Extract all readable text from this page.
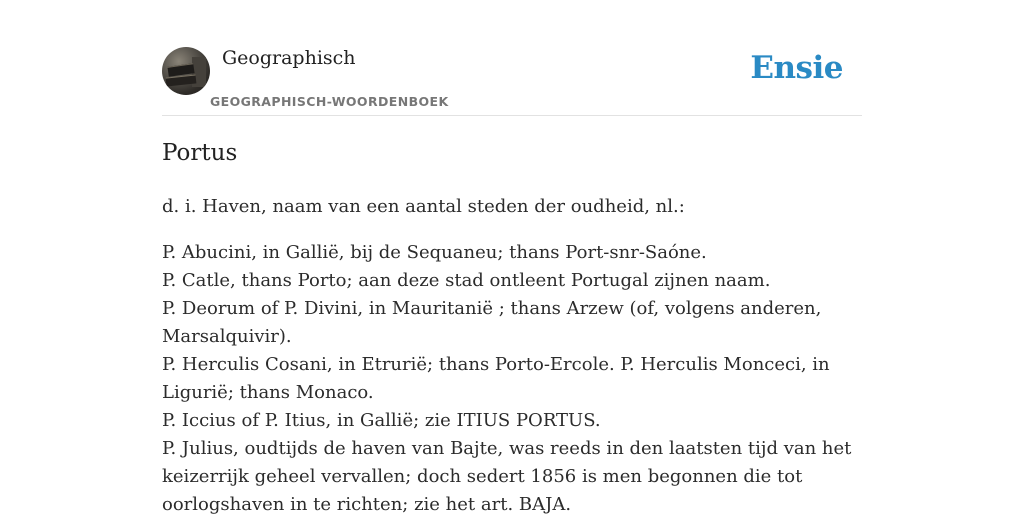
Geographisch
GEOGRAPHISCH-WOORDENBOEK
Ensie
Portus

d. i. Haven, naam van een aantal steden der oudheid, nl.:

P. Abucini, in Gallië, bij de Sequaneu; thans Port-snr-Saóne.

P. Catle, thans Porto; aan deze stad ontleent Portugal zijnen naam.

P. Deorum of P. Divini, in Mauritanië ; thans Arzew (of, volgens anderen, Marsalquivir).

P. Herculis Cosani, in Etrurië; thans Porto-Ercole. P. Herculis Monceci, in Ligurië; thans Monaco.

P. Iccius of P. Itius, in Gallië; zie ITIUS PORTUS.

P. Julius, oudtijds de haven van Bajte, was reeds in den laatsten tijd van het keizerrijk geheel vervallen; doch sedert 1856 is men begonnen die tot oorlogshaven in te richten; zie het art. BAJA.
